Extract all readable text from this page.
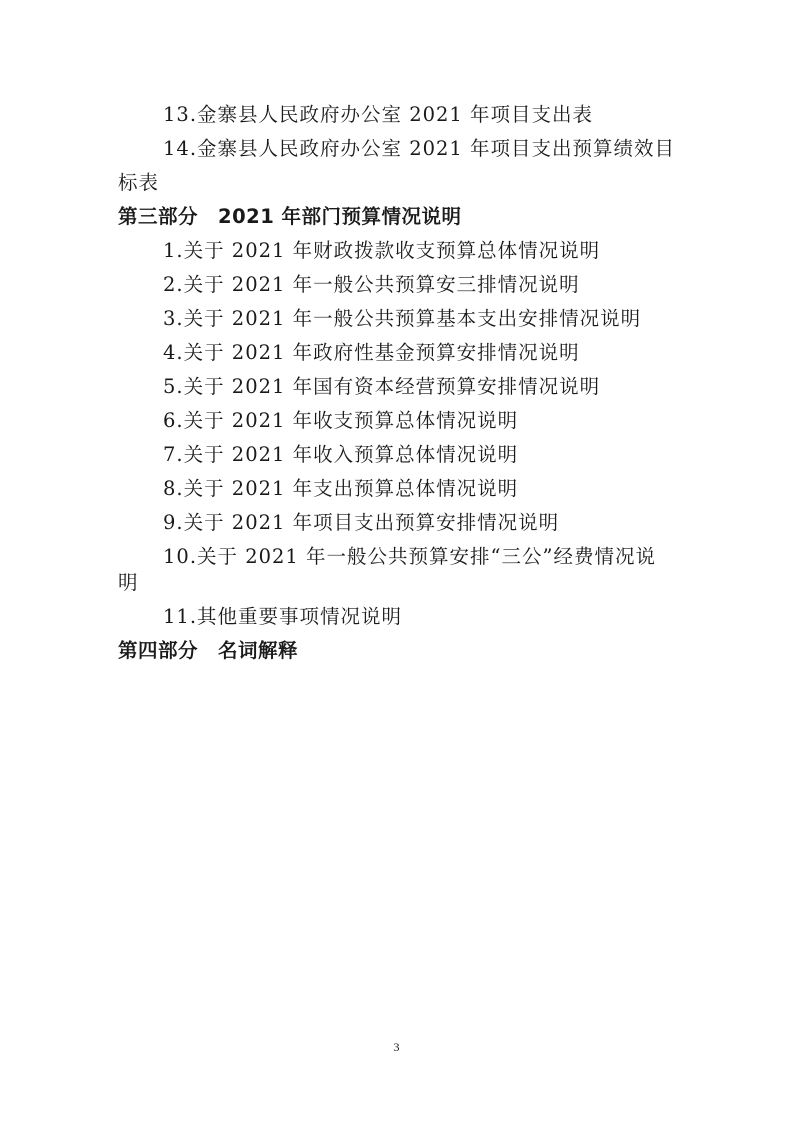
13.金寨县人民政府办公室 2021 年项目支出表
14.金寨县人民政府办公室 2021 年项目支出预算绩效目
标表
第三部分　2021 年部门预算情况说明
1.关于 2021 年财政拨款收支预算总体情况说明
2.关于 2021 年一般公共预算安三排情况说明
3.关于 2021 年一般公共预算基本支出安排情况说明
4.关于 2021 年政府性基金预算安排情况说明
5.关于 2021 年国有资本经营预算安排情况说明
6.关于 2021 年收支预算总体情况说明
7.关于 2021 年收入预算总体情况说明
8.关于 2021 年支出预算总体情况说明
9.关于 2021 年项目支出预算安排情况说明
10.关于 2021 年一般公共预算安排“三公”经费情况说
明
11.其他重要事项情况说明
第四部分　名词解释
3
